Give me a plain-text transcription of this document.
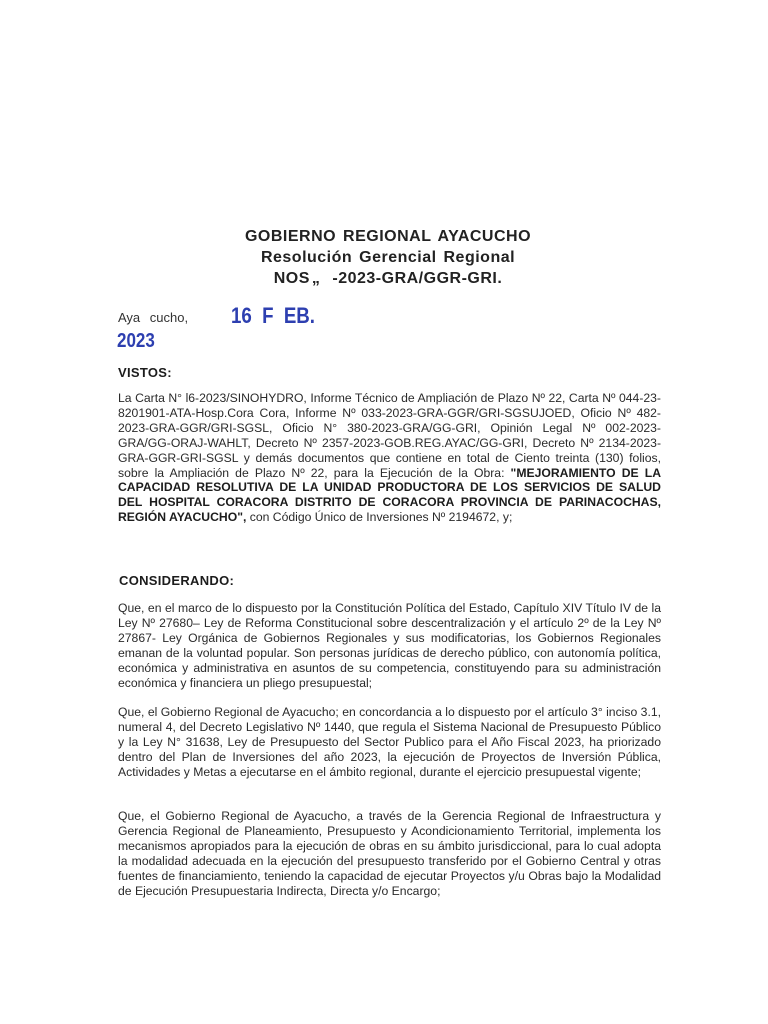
GOBIERNO REGIONAL AYACUCHO
Resolución Gerencial Regional
NOS „ -2023-GRA/GGR-GRI.
Aya cucho, 16 F EB.
2023
VISTOS:
La Carta N° l6-2023/SINOHYDRO, Informe Técnico de Ampliación de Plazo Nº 22, Carta Nº 044-23-8201901-ATA-Hosp.Cora Cora, Informe Nº 033-2023-GRA-GGR/GRI-SGSUJOED, Oficio Nº 482-2023-GRA-GGR/GRI-SGSL, Oficio N° 380-2023-GRA/GG-GRI, Opinión Legal Nº 002-2023-GRA/GG-ORAJ-WAHLT, Decreto Nº 2357-2023-GOB.REG.AYAC/GG-GRI, Decreto Nº 2134-2023-GRA-GGR-GRI-SGSL y demás documentos que contiene en total de Ciento treinta (130) folios, sobre la Ampliación de Plazo Nº 22, para la Ejecución de la Obra: "MEJORAMIENTO DE LA CAPACIDAD RESOLUTIVA DE LA UNIDAD PRODUCTORA DE LOS SERVICIOS DE SALUD DEL HOSPITAL CORACORA DISTRITO DE CORACORA PROVINCIA DE PARINACOCHAS, REGIÓN AYACUCHO", con Código Único de Inversiones Nº 2194672, y;
CONSIDERANDO:
Que, en el marco de lo dispuesto por la Constitución Política del Estado, Capítulo XIV Título IV de la Ley Nº 27680– Ley de Reforma Constitucional sobre descentralización y el artículo 2º de la Ley Nº 27867- Ley Orgánica de Gobiernos Regionales y sus modificatorias, los Gobiernos Regionales emanan de la voluntad popular. Son personas jurídicas de derecho público, con autonomía política, económica y administrativa en asuntos de su competencia, constituyendo para su administración económica y financiera un pliego presupuestal;
Que, el Gobierno Regional de Ayacucho; en concordancia a lo dispuesto por el artículo 3° inciso 3.1, numeral 4, del Decreto Legislativo Nº 1440, que regula el Sistema Nacional de Presupuesto Público y la Ley N° 31638, Ley de Presupuesto del Sector Publico para el Año Fiscal 2023, ha priorizado dentro del Plan de Inversiones del año 2023, la ejecución de Proyectos de Inversión Pública, Actividades y Metas a ejecutarse en el ámbito regional, durante el ejercicio presupuestal vigente;
Que, el Gobierno Regional de Ayacucho, a través de la Gerencia Regional de Infraestructura y Gerencia Regional de Planeamiento, Presupuesto y Acondicionamiento Territorial, implementa los mecanismos apropiados para la ejecución de obras en su ámbito jurisdiccional, para lo cual adopta la modalidad adecuada en la ejecución del presupuesto transferido por el Gobierno Central y otras fuentes de financiamiento, teniendo la capacidad de ejecutar Proyectos y/u Obras bajo la Modalidad de Ejecución Presupuestaria Indirecta, Directa y/o Encargo;
